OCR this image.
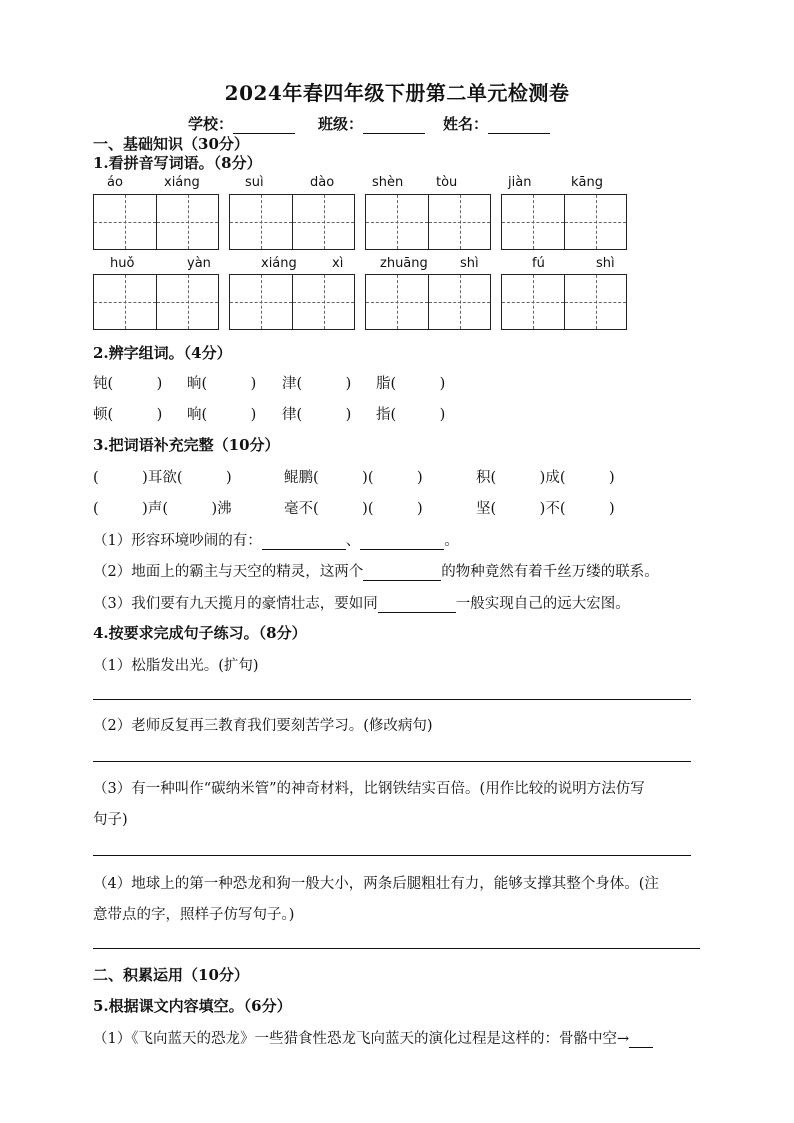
2024年春四年级下册第二单元检测卷
学校：	班级：	姓名：
一、基础知识（30分）
1.看拼音写词语。（8分）
áo	xiáng	suì	dào	shèn	tòu	jiàn	kāng
huǒ	yàn	xiáng	xì	zhuāng shì	fú	shì
2.辨字组词。（4分）
钝(　　　) 晌(　　　) 津(　　　) 脂(　　　)
顿(　　　) 响(　　　) 律(　　　) 指(　　　)
3.把词语补充完整（10分）
(　　　)耳欲(　　　)	鲲鹏(　　　)(　　　)	积(　　　)成(　　　)
(　　　)声(　　　)沸	毫不(　　　)(　　　)	坚(　　　)不(　　　)
（1）形容环境吵闹的有：	、	。
（2）地面上的霸主与天空的精灵，这两个	的物种竟然有着千丝万缕的联系。
（3）我们要有九天揽月的豪情壮志，要如同	一般实现自己的远大宏图。
4.按要求完成句子练习。（8分）
（1）松脂发出光。(扩句)
（2）老师反复再三教育我们要刻苦学习。(修改病句)
（3）有一种叫作“碳纳米管”的神奇材料，比钢铁结实百倍。(用作比较的说明方法仿写
句子)
（4）地球上的第一种恐龙和狗一般大小，两条后腿粗壮有力，能够支撑其整个身体。(注
意带点的字，照样子仿写句子。)
二、积累运用（10分）
5.根据课文内容填空。（6分）
（1）《飞向蓝天的恐龙》一些猎食性恐龙飞向蓝天的演化过程是这样的：骨骼中空→
